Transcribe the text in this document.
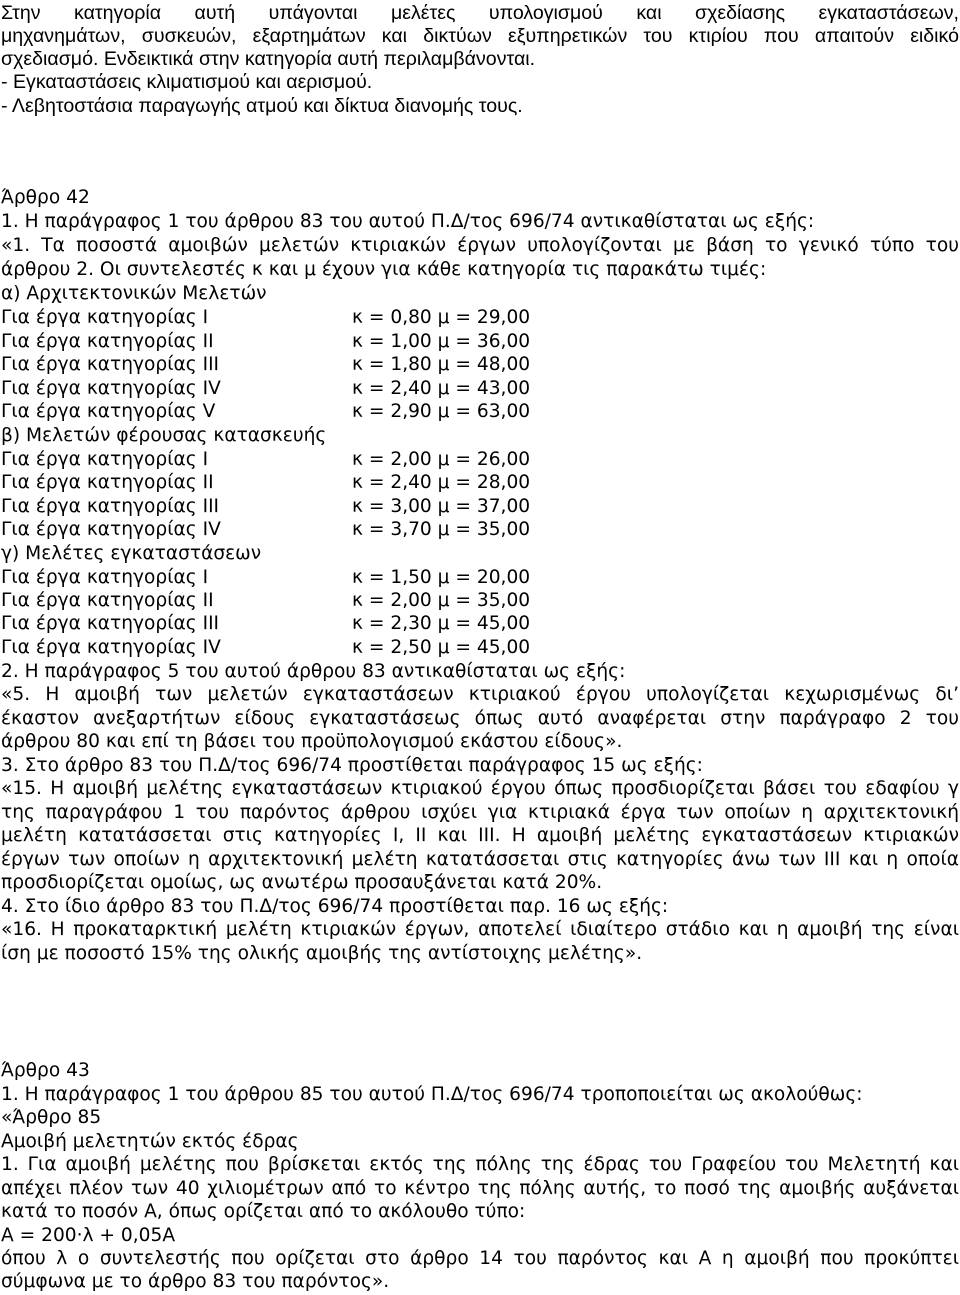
Στην κατηγορία αυτή υπάγονται μελέτες υπολογισμού και σχεδίασης εγκαταστάσεων,
μηχανημάτων, συσκευών, εξαρτημάτων και δικτύων εξυπηρετικών του κτιρίου που απαιτούν ειδικό
σχεδιασμό. Ενδεικτικά στην κατηγορία αυτή περιλαμβάνονται.
- Εγκαταστάσεις κλιματισμού και αερισμού.
- Λεβητοστάσια παραγωγής ατμού και δίκτυα διανομής τους.
Άρθρο 42
1. Η παράγραφος 1 του άρθρου 83 του αυτού Π.Δ/τος 696/74 αντικαθίσταται ως εξής:
«1. Τα ποσοστά αμοιβών μελετών κτιριακών έργων υπολογίζονται με βάση το γενικό τύπο του
άρθρου 2. Οι συντελεστές κ και μ έχουν για κάθε κατηγορία τις παρακάτω τιμές:
α) Αρχιτεκτονικών Μελετών
Για έργα κατηγορίας Ι	κ = 0,80 μ = 29,00
Για έργα κατηγορίας ΙΙ	κ = 1,00 μ = 36,00
Για έργα κατηγορίας ΙΙΙ	κ = 1,80 μ = 48,00
Για έργα κατηγορίας ΙV	κ = 2,40 μ = 43,00
Για έργα κατηγορίας V	κ = 2,90 μ = 63,00
β) Μελετών φέρουσας κατασκευής
Για έργα κατηγορίας Ι	κ = 2,00 μ = 26,00
Για έργα κατηγορίας ΙΙ	κ = 2,40 μ = 28,00
Για έργα κατηγορίας ΙΙΙ	κ = 3,00 μ = 37,00
Για έργα κατηγορίας ΙV	κ = 3,70 μ = 35,00
γ) Μελέτες εγκαταστάσεων
Για έργα κατηγορίας Ι	κ = 1,50 μ = 20,00
Για έργα κατηγορίας ΙΙ	κ = 2,00 μ = 35,00
Για έργα κατηγορίας ΙΙΙ	κ = 2,30 μ = 45,00
Για έργα κατηγορίας ΙV	κ = 2,50 μ = 45,00
2. Η παράγραφος 5 του αυτού άρθρου 83 αντικαθίσταται ως εξής:
«5. Η αμοιβή των μελετών εγκαταστάσεων κτιριακού έργου υπολογίζεται κεχωρισμένως δι’
έκαστον ανεξαρτήτων είδους εγκαταστάσεως όπως αυτό αναφέρεται στην παράγραφο 2 του
άρθρου 80 και επί τη βάσει του προϋπολογισμού εκάστου είδους».
3. Στο άρθρο 83 του Π.Δ/τος 696/74 προστίθεται παράγραφος 15 ως εξής:
«15. Η αμοιβή μελέτης εγκαταστάσεων κτιριακού έργου όπως προσδιορίζεται βάσει του εδαφίου γ
της παραγράφου 1 του παρόντος άρθρου ισχύει για κτιριακά έργα των οποίων η αρχιτεκτονική
μελέτη κατατάσσεται στις κατηγορίες Ι, ΙΙ και ΙΙΙ. Η αμοιβή μελέτης εγκαταστάσεων κτιριακών
έργων των οποίων η αρχιτεκτονική μελέτη κατατάσσεται στις κατηγορίες άνω των ΙΙΙ και η οποία
προσδιορίζεται ομοίως, ως ανωτέρω προσαυξάνεται κατά 20%.
4. Στο ίδιο άρθρο 83 του Π.Δ/τος 696/74 προστίθεται παρ. 16 ως εξής:
«16. Η προκαταρκτική μελέτη κτιριακών έργων, αποτελεί ιδιαίτερο στάδιο και η αμοιβή της είναι
ίση με ποσοστό 15% της ολικής αμοιβής της αντίστοιχης μελέτης».
Άρθρο 43
1. Η παράγραφος 1 του άρθρου 85 του αυτού Π.Δ/τος 696/74 τροποποιείται ως ακολούθως:
«Άρθρο 85
Αμοιβή μελετητών εκτός έδρας
1. Για αμοιβή μελέτης που βρίσκεται εκτός της πόλης της έδρας του Γραφείου του Μελετητή και
απέχει πλέον των 40 χιλιομέτρων από το κέντρο της πόλης αυτής, το ποσό της αμοιβής αυξάνεται
κατά το ποσόν Α, όπως ορίζεται από το ακόλουθο τύπο:
Α = 200·λ + 0,05Α
όπου λ ο συντελεστής που ορίζεται στο άρθρο 14 του παρόντος και Α η αμοιβή που προκύπτει
σύμφωνα με το άρθρο 83 του παρόντος».
